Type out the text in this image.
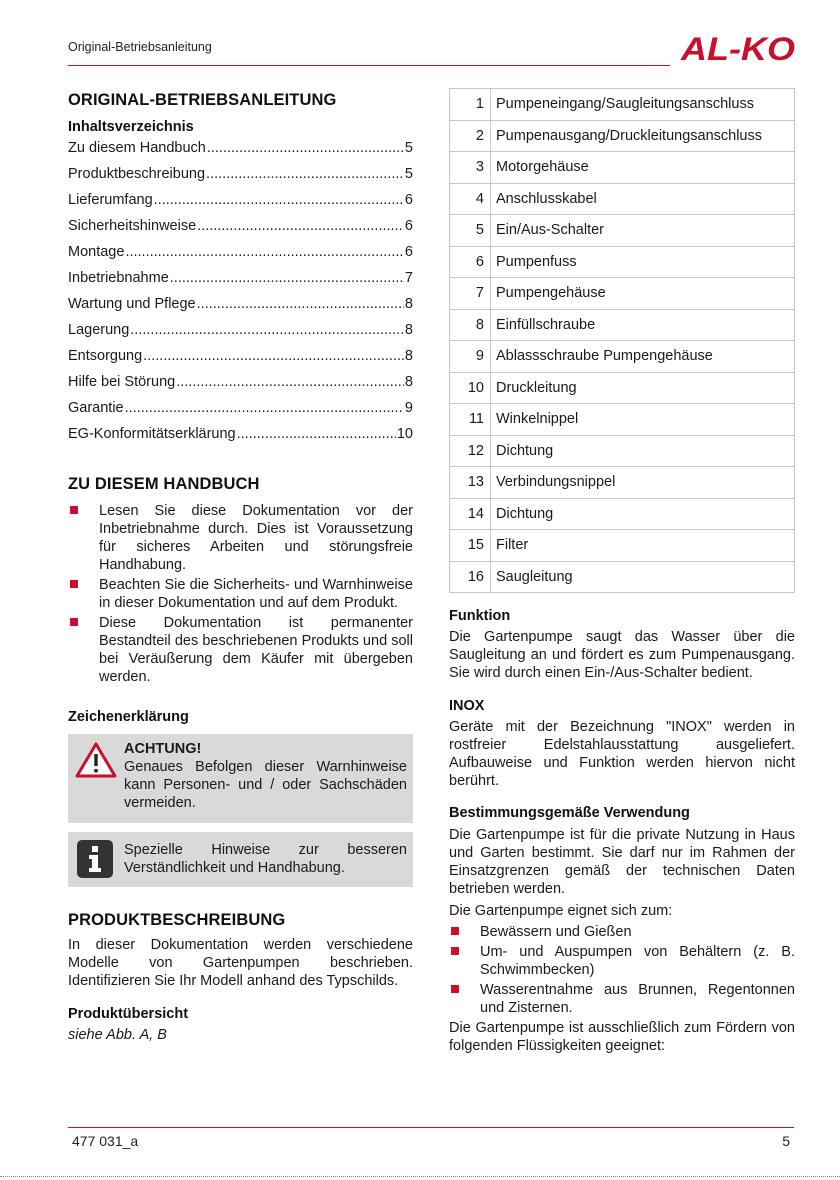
Original-Betriebsanleitung	AL-KO
ORIGINAL-BETRIEBSANLEITUNG
Inhaltsverzeichnis
Zu diesem Handbuch .....	5
Produktbeschreibung .....	5
Lieferumfang .....	6
Sicherheitshinweise .....	6
Montage .....	6
Inbetriebnahme .....	7
Wartung und Pflege .....	8
Lagerung .....	8
Entsorgung .....	8
Hilfe bei Störung .....	8
Garantie .....	9
EG-Konformitätserklärung .....	10
ZU DIESEM HANDBUCH
Lesen Sie diese Dokumentation vor der Inbetriebnahme durch. Dies ist Voraussetzung für sicheres Arbeiten und störungsfreie Handhabung.
Beachten Sie die Sicherheits- und Warnhinweise in dieser Dokumentation und auf dem Produkt.
Diese Dokumentation ist permanenter Bestandteil des beschriebenen Produkts und soll bei Veräußerung dem Käufer mit übergeben werden.
Zeichenerklärung
ACHTUNG!
Genaues Befolgen dieser Warnhinweise kann Personen- und / oder Sachschäden vermeiden.
Spezielle Hinweise zur besseren Verständlichkeit und Handhabung.
PRODUKTBESCHREIBUNG

In dieser Dokumentation werden verschiedene Modelle von Gartenpumpen beschrieben. Identifizieren Sie Ihr Modell anhand des Typschilds.

Produktübersicht

siehe Abb. A, B

1	Pumpeneingang/Saugleitungsanschluss
2	Pumpenausgang/Druckleitungsanschluss
3	Motorgehäuse
4	Anschlusskabel
5	Ein/Aus-Schalter
6	Pumpenfuss
7	Pumpengehäuse
8	Einfüllschraube
9	Ablassschraube Pumpengehäuse
10	Druckleitung
11	Winkelnippel
12	Dichtung
13	Verbindungsnippel
14	Dichtung
15	Filter
16	Saugleitung
Funktion

Die Gartenpumpe saugt das Wasser über die Saugleitung an und fördert es zum Pumpenausgang. Sie wird durch einen Ein-/Aus-Schalter bedient.

INOX

Geräte mit der Bezeichnung "INOX" werden in rostfreier Edelstahlausstattung ausgeliefert. Aufbauweise und Funktion werden hiervon nicht berührt.

Bestimmungsgemäße Verwendung

Die Gartenpumpe ist für die private Nutzung in Haus und Garten bestimmt. Sie darf nur im Rahmen der Einsatzgrenzen gemäß der technischen Daten betrieben werden.

Die Gartenpumpe eignet sich zum:

Bewässern und Gießen
Um- und Auspumpen von Behältern (z. B. Schwimmbecken)
Wasserentnahme aus Brunnen, Regentonnen und Zisternen.

Die Gartenpumpe ist ausschließlich zum Fördern von folgenden Flüssigkeiten geeignet:

477 031_a	5
